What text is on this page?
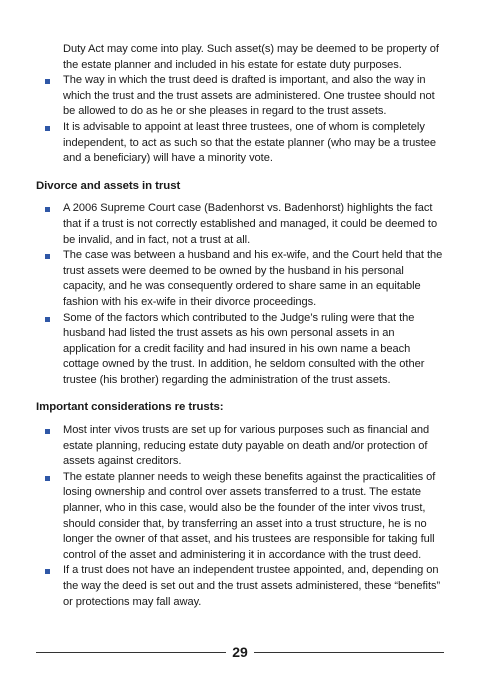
Duty Act may come into play. Such asset(s) may be deemed to be property of the estate planner and included in his estate for estate duty purposes.

The way in which the trust deed is drafted is important, and also the way in which the trust and the trust assets are administered. One trustee should not be allowed to do as he or she pleases in regard to the trust assets.
It is advisable to appoint at least three trustees, one of whom is completely independent, to act as such so that the estate planner (who may be a trustee and a beneficiary) will have a minority vote.
Divorce and assets in trust
A 2006 Supreme Court case (Badenhorst vs. Badenhorst) highlights the fact that if a trust is not correctly established and managed, it could be deemed to be invalid, and in fact, not a trust at all.
The case was between a husband and his ex-wife, and the Court held that the trust assets were deemed to be owned by the husband in his personal capacity, and he was consequently ordered to share same in an equitable fashion with his ex-wife in their divorce proceedings.
Some of the factors which contributed to the Judge’s ruling were that the husband had listed the trust assets as his own personal assets in an application for a credit facility and had insured in his own name a beach cottage owned by the trust. In addition, he seldom consulted with the other trustee (his brother) regarding the administration of the trust assets.
Important considerations re trusts:
Most inter vivos trusts are set up for various purposes such as financial and estate planning, reducing estate duty payable on death and/or protection of assets against creditors.
The estate planner needs to weigh these benefits against the practicalities of losing ownership and control over assets transferred to a trust. The estate planner, who in this case, would also be the founder of the inter vivos trust, should consider that, by transferring an asset into a trust structure, he is no longer the owner of that asset, and his trustees are responsible for taking full control of the asset and administering it in accordance with the trust deed.
If a trust does not have an independent trustee appointed, and, depending on the way the deed is set out and the trust assets administered, these “benefits” or protections may fall away.
29
